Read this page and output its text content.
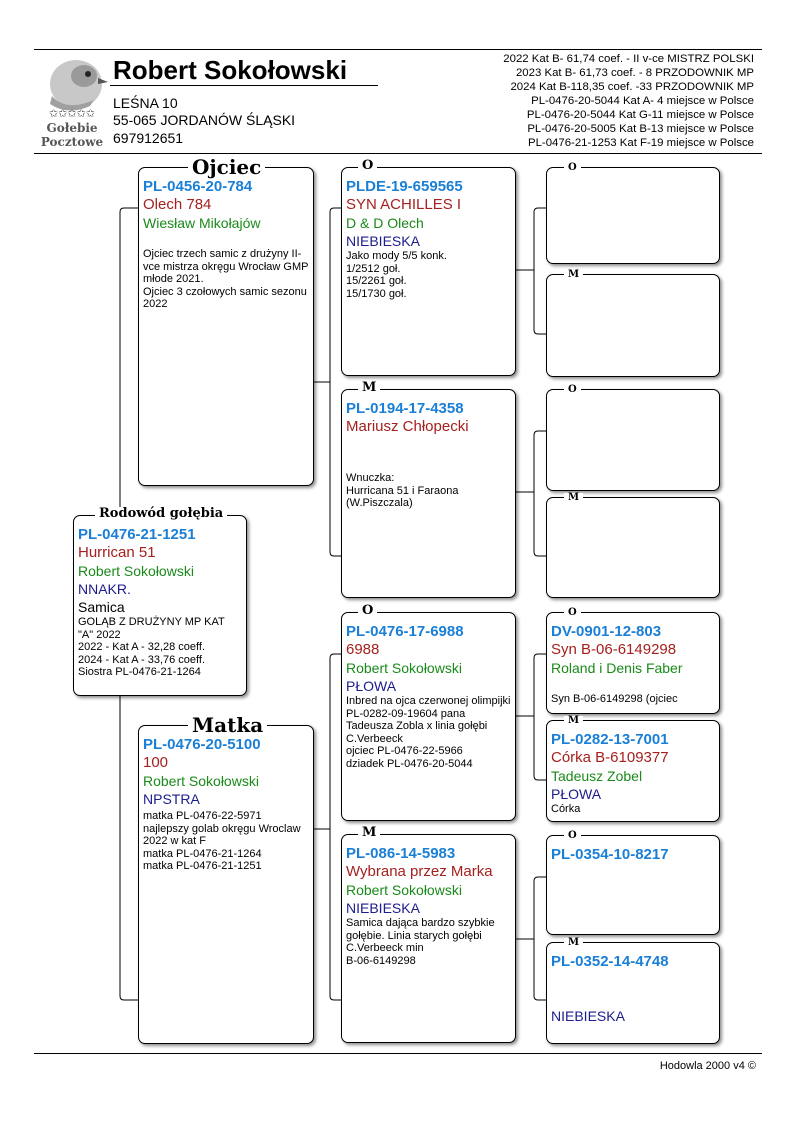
✩✩✩✩✩
Gołebie
Pocztowe
Robert Sokołowski
LEŚNA 10
55-065 JORDANÓW ŚLĄSKI
697912651
2022 Kat B- 61,74 coef. - II v-ce MISTRZ POLSKI
2023 Kat B- 61,73 coef. - 8 PRZODOWNIK MP
2024 Kat B-118,35 coef. -33 PRZODOWNIK MP
PL-0476-20-5044 Kat A- 4 miejsce w Polsce
PL-0476-20-5044 Kat G-11 miejsce w Polsce
PL-0476-20-5005 Kat B-13 miejsce w Polsce
PL-0476-21-1253 Kat F-19 miejsce w Polsce
PL-0456-20-784
Olech 784
Wiesław Mikołajów
Ojciec trzech samic z drużyny II-vce mistrza okręgu Wrocław GMP młode 2021.
Ojciec 3 czołowych samic sezonu 2022
Ojciec
PL-0476-21-1251
Hurrican 51
Robert Sokołowski
NNAKR.
Samica
GOLĄB Z DRUŻYNY MP KAT "A" 2022
2022 - Kat A - 32,28 coeff.
2024 - Kat A - 33,76 coeff.
Siostra PL-0476-21-1264
Rodowód gołębia
PL-0476-20-5100
100
Robert Sokołowski
NPSTRA
matka PL-0476-22-5971
najlepszy golab okręgu Wroclaw 2022 w kat F
matka PL-0476-21-1264
matka PL-0476-21-1251
Matka
PLDE-19-659565
SYN ACHILLES I
D & D Olech
NIEBIESKA
Jako mody 5/5 konk.
1/2512 goł.
15/2261 goł.
15/1730 goł.
O
PL-0194-17-4358
Mariusz Chłopecki
Wnuczka:
Hurricana 51 i Faraona
(W.Piszczala)
M
PL-0476-17-6988
6988
Robert Sokołowski
PŁOWA
Inbred na ojca czerwonej olimpijki PL-0282-09-19604 pana Tadeusza Zobla x linia gołębi C.Verbeeck
ojciec PL-0476-22-5966
dziadek PL-0476-20-5044
O
PL-086-14-5983
Wybrana przez Marka
Robert Sokołowski
NIEBIESKA
Samica dająca bardzo szybkie gołębie. Linia starych gołębi C.Verbeeck min
B-06-6149298
M
O
M
O
M
DV-0901-12-803
Syn B-06-6149298
Roland i Denis Faber
Syn B-06-6149298 (ojciec
O
PL-0282-13-7001
Córka B-6109377
Tadeusz Zobel
PŁOWA
Córka
M
PL-0354-10-8217
O
PL-0352-14-4748
NIEBIESKA
M
Hodowla 2000 v4 ©
